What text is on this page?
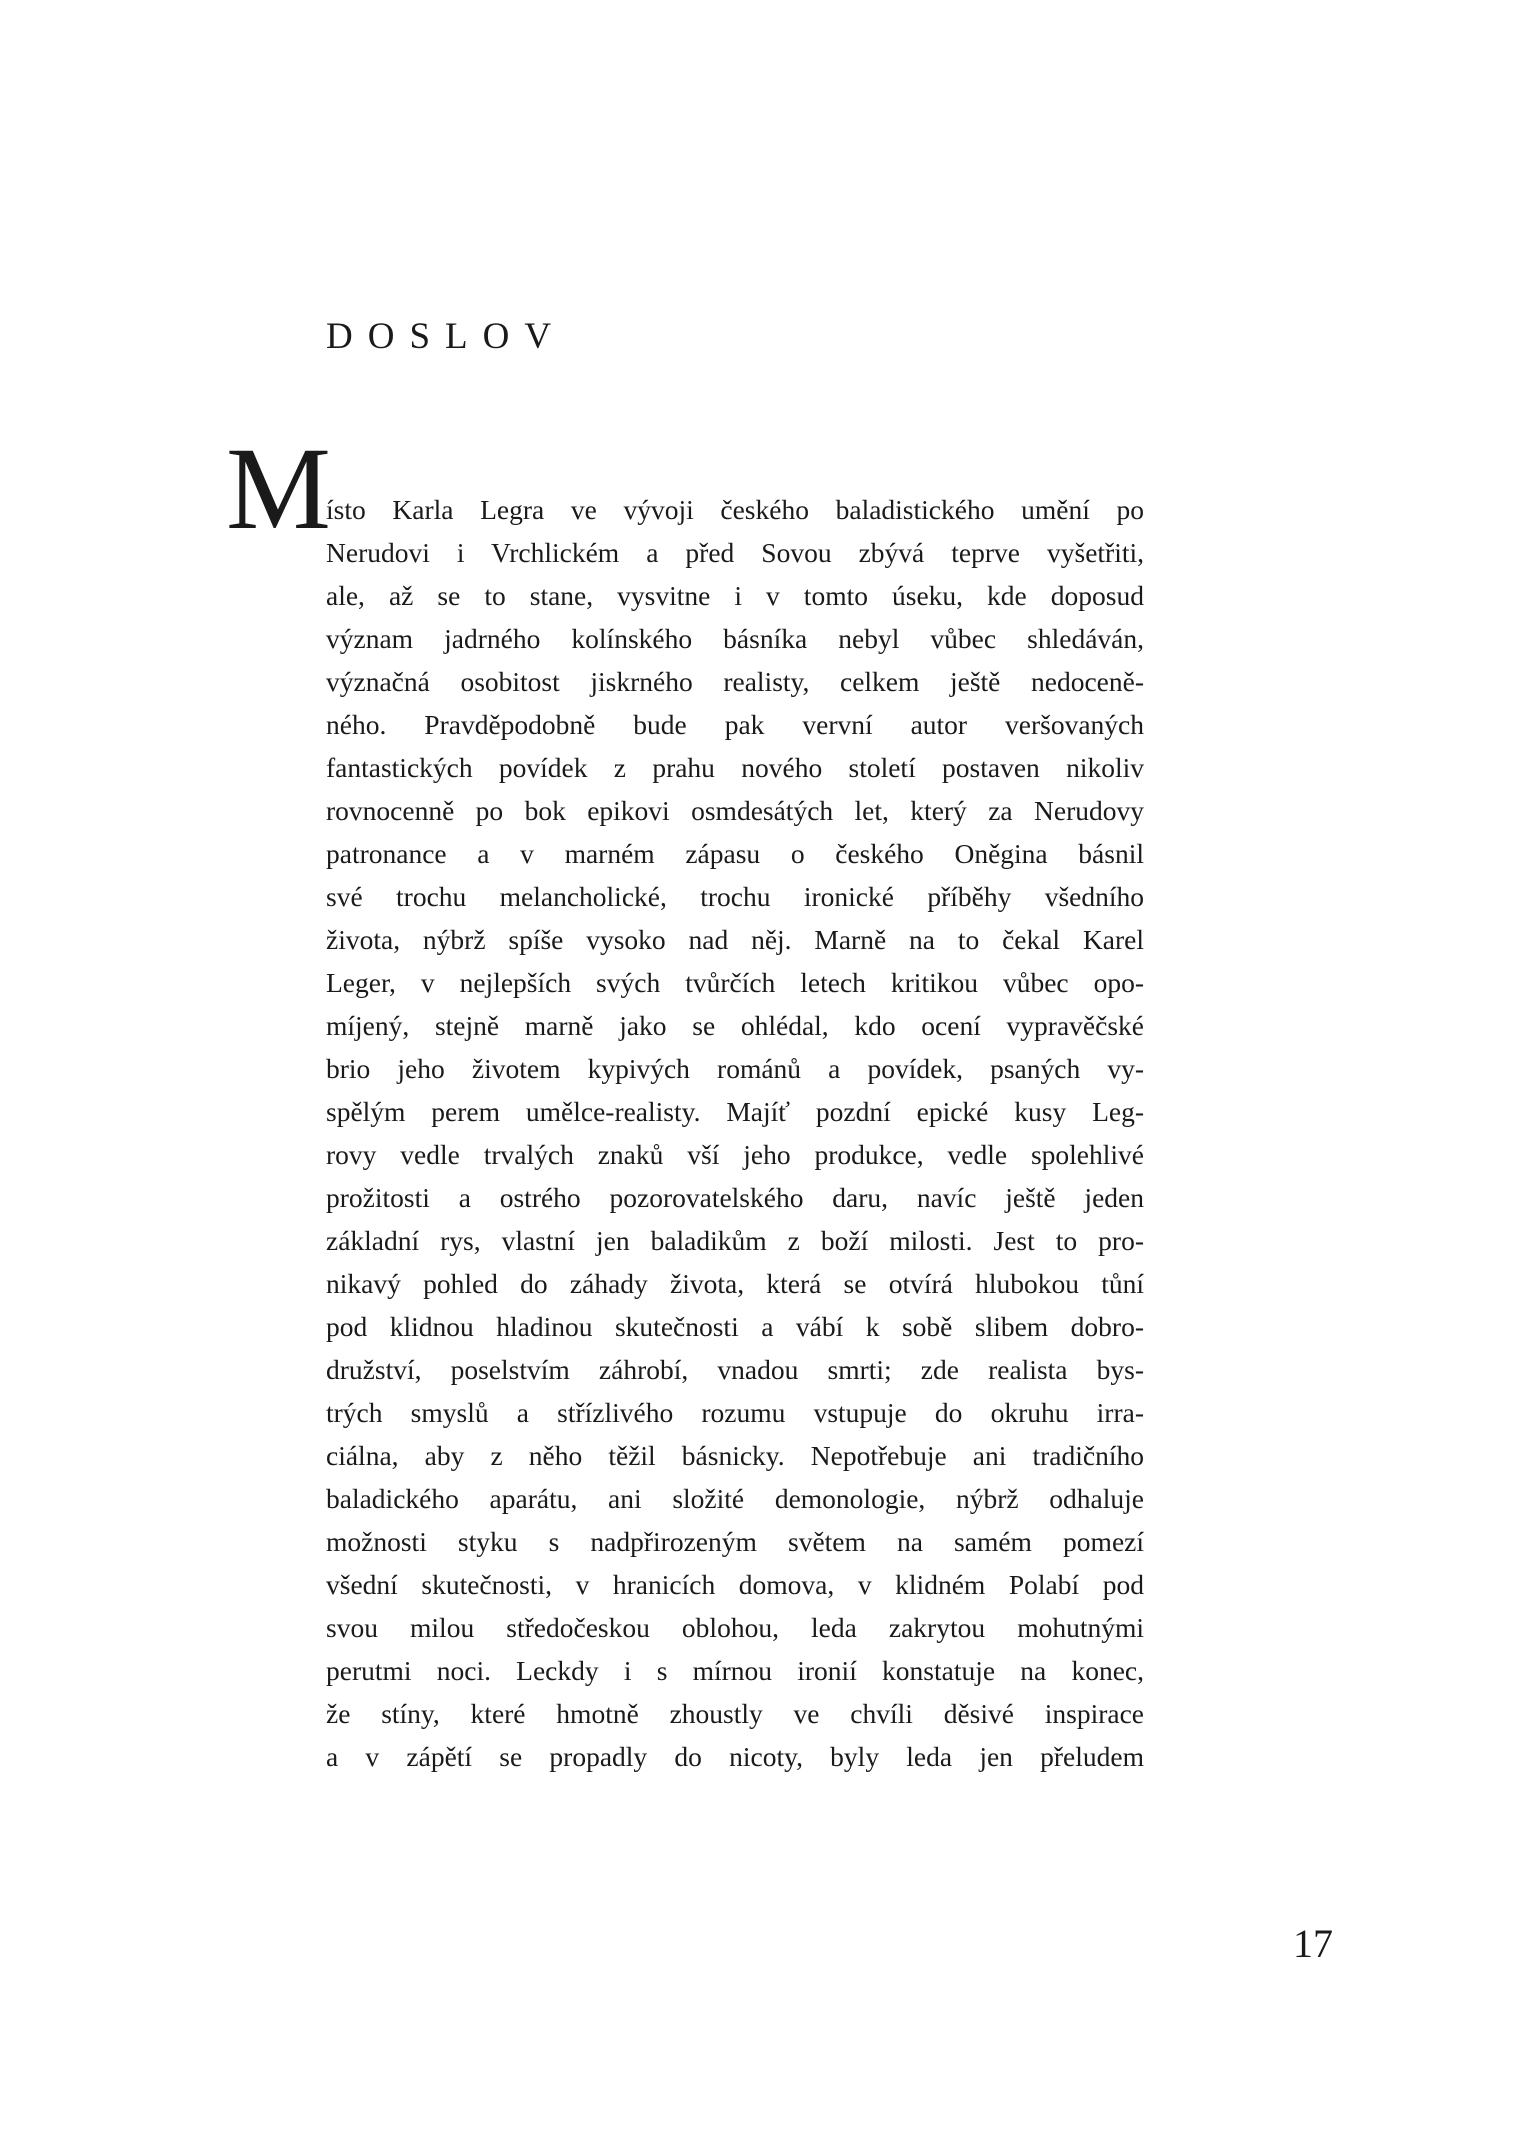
DOSLOV
M
ísto Karla Legra ve vývoji českého baladistického umění po
Nerudovi i Vrchlickém a před Sovou zbývá teprve vyšetřiti,
ale, až se to stane, vysvitne i v tomto úseku, kde doposud
význam jadrného kolínského básníka nebyl vůbec shledáván,
význačná osobitost jiskrného realisty, celkem ještě nedoceně-
ného. Pravděpodobně bude pak vervní autor veršovaných
fantastických povídek z prahu nového století postaven nikoliv
rovnocenně po bok epikovi osmdesátých let, který za Nerudovy
patronance a v marném zápasu o českého Oněgina básnil
své trochu melancholické, trochu ironické příběhy všedního
života, nýbrž spíše vysoko nad něj. Marně na to čekal Karel
Leger, v nejlepších svých tvůrčích letech kritikou vůbec opo-
míjený, stejně marně jako se ohlédal, kdo ocení vypravěčské
brio jeho životem kypivých románů a povídek, psaných vy-
spělým perem umělce-realisty. Majíť pozdní epické kusy Leg-
rovy vedle trvalých znaků vší jeho produkce, vedle spolehlivé
prožitosti a ostrého pozorovatelského daru, navíc ještě jeden
základní rys, vlastní jen baladikům z boží milosti. Jest to pro-
nikavý pohled do záhady života, která se otvírá hlubokou tůní
pod klidnou hladinou skutečnosti a vábí k sobě slibem dobro-
družství, poselstvím záhrobí, vnadou smrti; zde realista bys-
trých smyslů a střízlivého rozumu vstupuje do okruhu irra-
ciálna, aby z něho těžil básnicky. Nepotřebuje ani tradičního
baladického aparátu, ani složité demonologie, nýbrž odhaluje
možnosti styku s nadpřirozeným světem na samém pomezí
všední skutečnosti, v hranicích domova, v klidném Polabí pod
svou milou středočeskou oblohou, leda zakrytou mohutnými
perutmi noci. Leckdy i s mírnou ironií konstatuje na konec,
že stíny, které hmotně zhoustly ve chvíli děsivé inspirace
a v zápětí se propadly do nicoty, byly leda jen přeludem
17
